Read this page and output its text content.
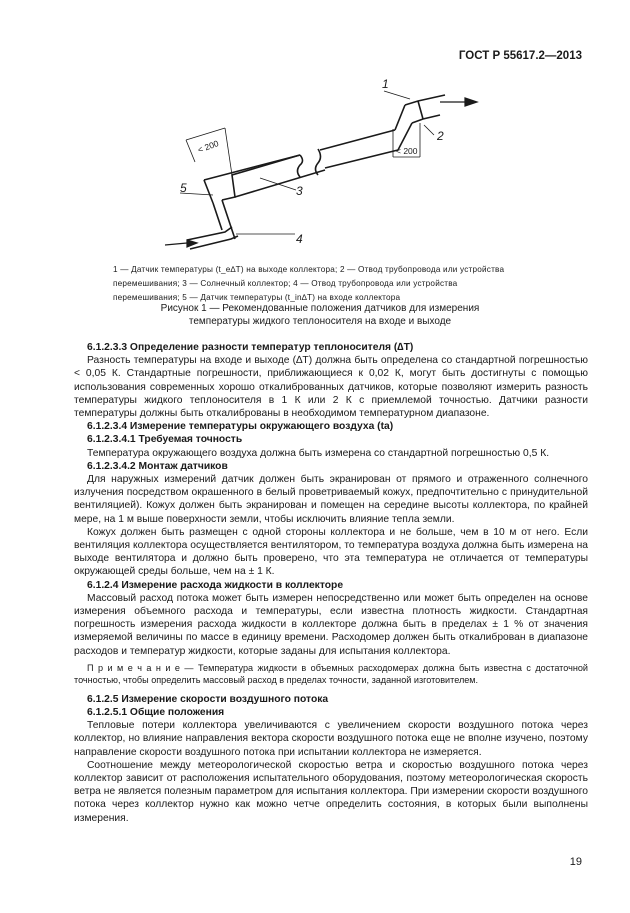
ГОСТ Р 55617.2—2013
< 200	< 200
1
2
3
4
5
1 — Датчик температуры (t_e∆T) на выходе коллектора; 2 — Отвод трубопровода или устройства перемешивания; 3 — Солнечный коллектор; 4 — Отвод трубопровода или устройства перемешивания; 5 — Датчик температуры (t_in∆T) на входе коллектора
Рисунок 1 — Рекомендованные положения датчиков для измерения
температуры жидкого теплоносителя на входе и выходе

6.1.2.3.3 Определение разности температур теплоносителя (∆T)

Разность температуры на входе и выходе (∆T) должна быть определена со стандартной погрешностью < 0,05 К. Стандартные погрешности, приближающиеся к 0,02 К, могут быть достигнуты с помощью использования современных хорошо откалиброванных датчиков, которые позволяют измерить разность температуры жидкого теплоносителя в 1 К или 2 К с приемлемой точностью. Датчики разности температуры должны быть откалиброваны в необходимом температурном диапазоне.

6.1.2.3.4 Измерение температуры окружающего воздуха (tа)

6.1.2.3.4.1 Требуемая точность

Температура окружающего воздуха должна быть измерена со стандартной погрешностью 0,5 К.

6.1.2.3.4.2 Монтаж датчиков

Для наружных измерений датчик должен быть экранирован от прямого и отраженного солнечного излучения посредством окрашенного в белый проветриваемый кожух, предпочтительно с принудительной вентиляцией). Кожух должен быть экранирован и помещен на середине высоты коллектора, по крайней мере, на 1 м выше поверхности земли, чтобы исключить влияние тепла земли.

Кожух должен быть размещен с одной стороны коллектора и не больше, чем в 10 м от него. Если вентиляция коллектора осуществляется вентилятором, то температура воздуха должна быть измерена на выходе вентилятора и должно быть проверено, что эта температура не отличается от температуры окружающей среды больше, чем на ± 1 К.

6.1.2.4 Измерение расхода жидкости в коллекторе

Массовый расход потока может быть измерен непосредственно или может быть определен на основе измерения объемного расхода и температуры, если известна плотность жидкости. Стандартная погрешность измерения расхода жидкости в коллекторе должна быть в пределах ± 1 % от значения измеряемой величины по массе в единицу времени. Расходомер должен быть откалиброван в диапазоне расходов и температур жидкости, которые заданы для испытания коллектора.

П р и м е ч а н и е — Температура жидкости в объемных расходомерах должна быть известна с достаточной точностью, чтобы определить массовый расход в пределах точности, заданной изготовителем.

6.1.2.5 Измерение скорости воздушного потока

6.1.2.5.1 Общие положения

Тепловые потери коллектора увеличиваются с увеличением скорости воздушного потока через коллектор, но влияние направления вектора скорости воздушного потока еще не вполне изучено, поэтому направление скорости воздушного потока при испытании коллектора не измеряется.

Соотношение между метеорологической скоростью ветра и скоростью воздушного потока через коллектор зависит от расположения испытательного оборудования, поэтому метеорологическая скорость ветра не является полезным параметром для испытания коллектора. При измерении скорости воздушного потока через коллектор нужно как можно четче определить состояния, в которых были выполнены измерения.

19
